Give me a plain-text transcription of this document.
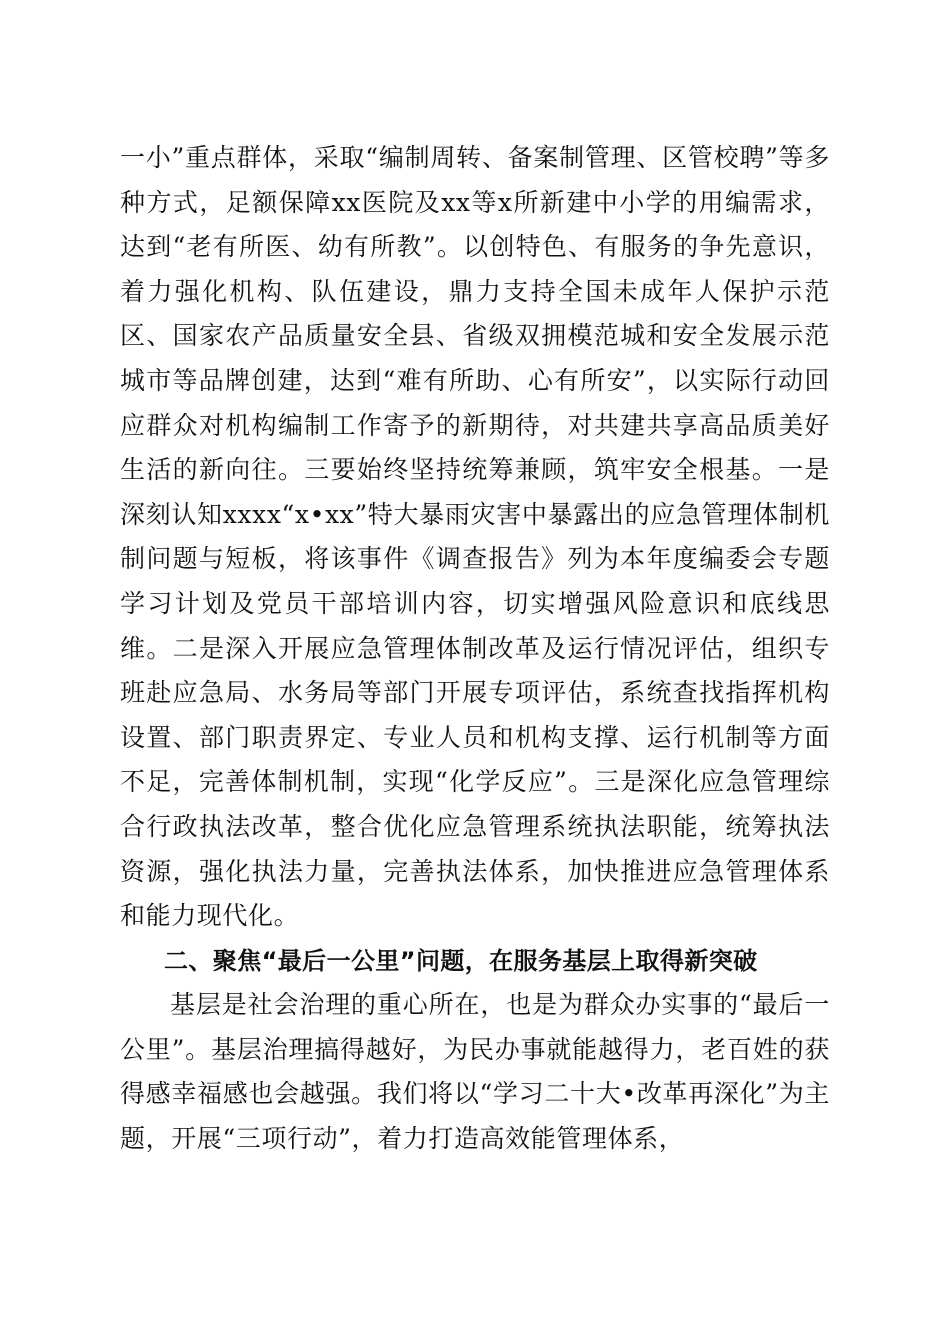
一小”重点群体，采取“编制周转、备案制管理、区管校聘”等多种方式，足额保障xx医院及xx等x所新建中小学的用编需求，达到“老有所医、幼有所教”。以创特色、有服务的争先意识，着力强化机构、队伍建设，鼎力支持全国未成年人保护示范区、国家农产品质量安全县、省级双拥模范城和安全发展示范城市等品牌创建，达到“难有所助、心有所安”，以实际行动回应群众对机构编制工作寄予的新期待，对共建共享高品质美好生活的新向往。三要始终坚持统筹兼顾，筑牢安全根基。一是深刻认知xxxx“x•xx”特大暴雨灾害中暴露出的应急管理体制机制问题与短板，将该事件《调查报告》列为本年度编委会专题学习计划及党员干部培训内容，切实增强风险意识和底线思维。二是深入开展应急管理体制改革及运行情况评估，组织专班赴应急局、水务局等部门开展专项评估，系统查找指挥机构设置、部门职责界定、专业人员和机构支撑、运行机制等方面不足，完善体制机制，实现“化学反应”。三是深化应急管理综合行政执法改革，整合优化应急管理系统执法职能，统筹执法资源，强化执法力量，完善执法体系，加快推进应急管理体系和能力现代化。

二、聚焦“最后一公里”问题，在服务基层上取得新突破

基层是社会治理的重心所在，也是为群众办实事的“最后一公里”。基层治理搞得越好，为民办事就能越得力，老百姓的获得感幸福感也会越强。我们将以“学习二十大•改革再深化”为主题，开展“三项行动”，着力打造高效能管理体系，
